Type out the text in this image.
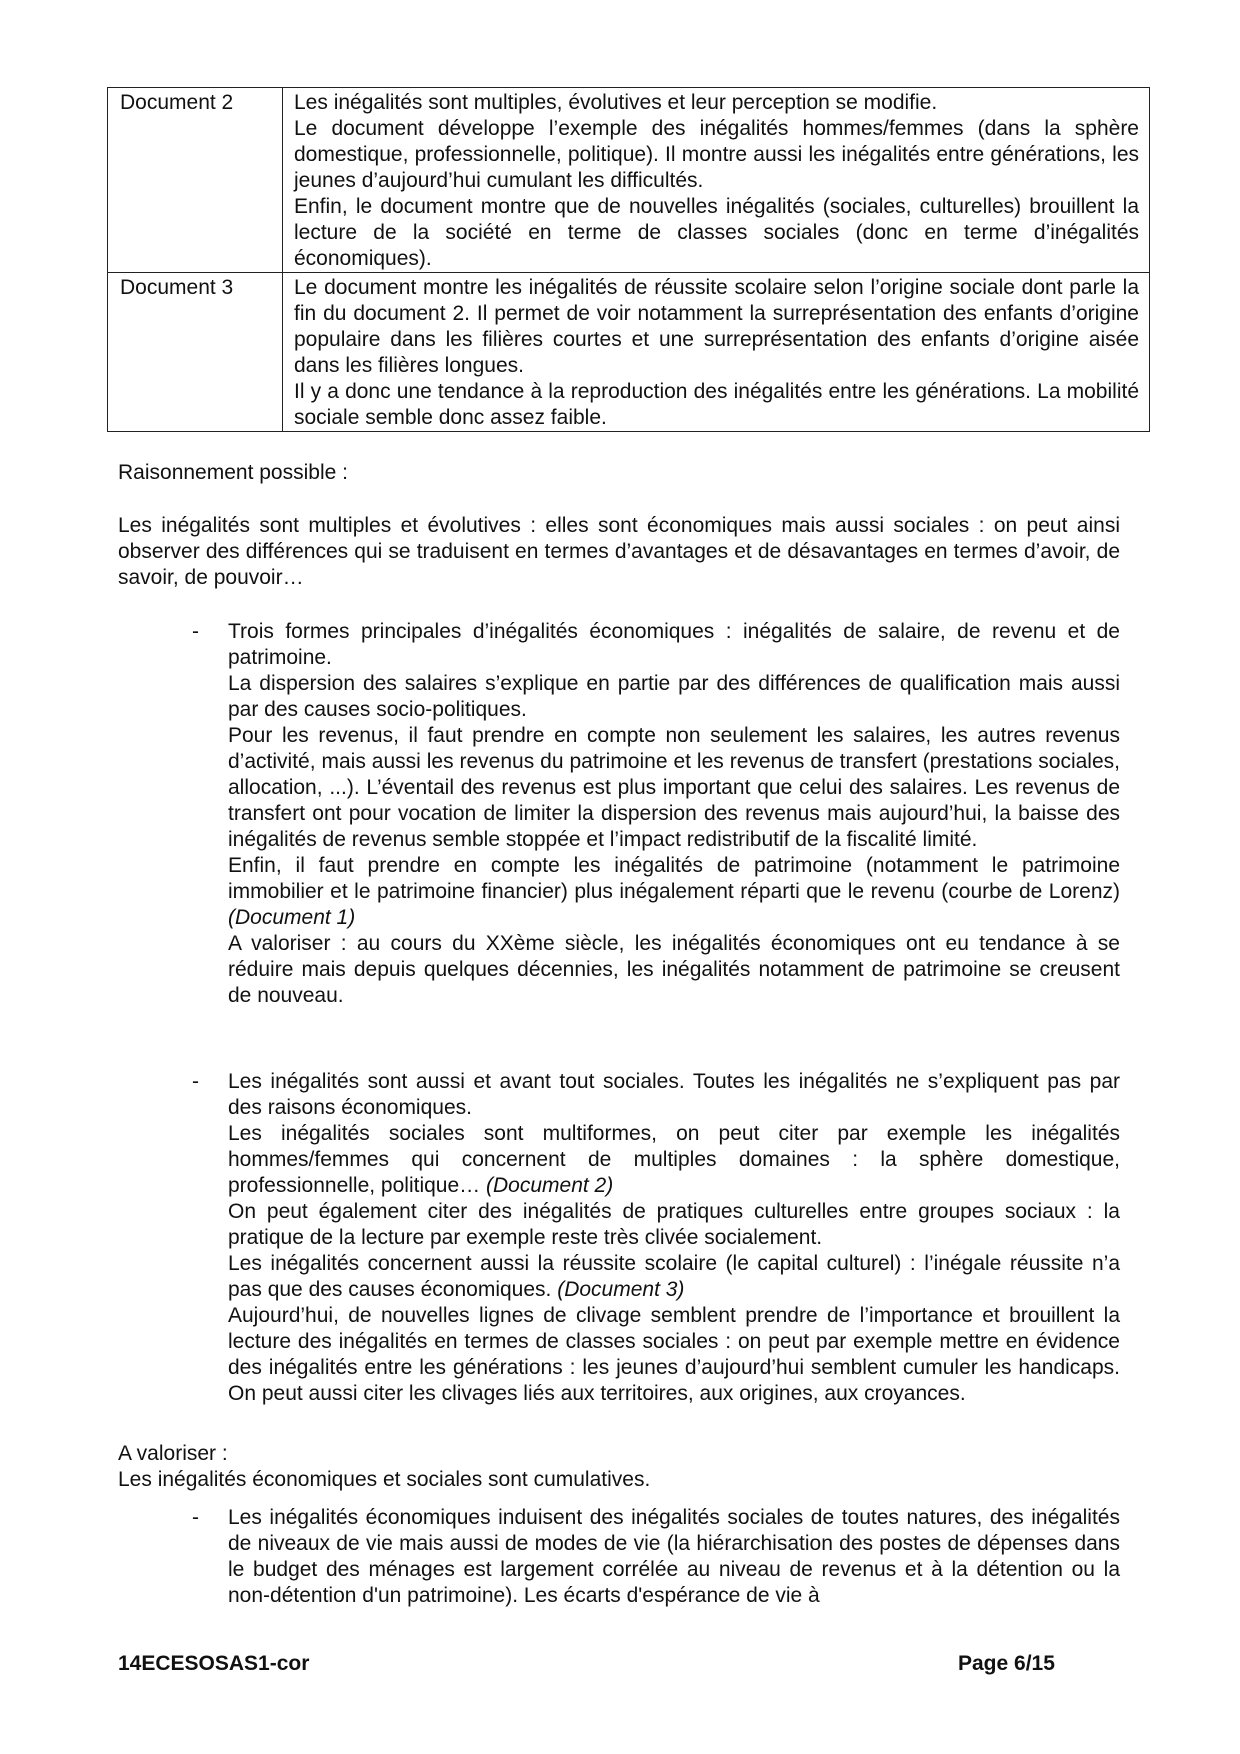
Document 2	Les inégalités sont multiples, évolutives et leur perception se modifie.

Le document développe l’exemple des inégalités hommes/femmes (dans la sphère domestique, professionnelle, politique). Il montre aussi les inégalités entre générations, les jeunes d’aujourd’hui cumulant les difficultés.

Enfin, le document montre que de nouvelles inégalités (sociales, culturelles) brouillent la lecture de la société en terme de classes sociales (donc en terme d’inégalités économiques).

Document 3	Le document montre les inégalités de réussite scolaire selon l’origine sociale dont parle la fin du document 2. Il permet de voir notamment la surreprésentation des enfants d’origine populaire dans les filières courtes et une surreprésentation des enfants d’origine aisée dans les filières longues.

Il y a donc une tendance à la reproduction des inégalités entre les générations. La mobilité sociale semble donc assez faible.

Raisonnement possible :

Les inégalités sont multiples et évolutives : elles sont économiques mais aussi sociales : on peut ainsi observer des différences qui se traduisent en termes d’avantages et de désavantages en termes d’avoir, de savoir, de pouvoir…

- Trois formes principales d’inégalités économiques : inégalités de salaire, de revenu et de patrimoine.

La dispersion des salaires s’explique en partie par des différences de qualification mais aussi par des causes socio-politiques.

Pour les revenus, il faut prendre en compte non seulement les salaires, les autres revenus d’activité, mais aussi les revenus du patrimoine et les revenus de transfert (prestations sociales, allocation, ...). L’éventail des revenus est plus important que celui des salaires. Les revenus de transfert ont pour vocation de limiter la dispersion des revenus mais aujourd’hui, la baisse des inégalités de revenus semble stoppée et l’impact redistributif de la fiscalité limité.

Enfin, il faut prendre en compte les inégalités de patrimoine (notamment le patrimoine immobilier et le patrimoine financier) plus inégalement réparti que le revenu (courbe de Lorenz) (Document 1)

A valoriser : au cours du XXème siècle, les inégalités économiques ont eu tendance à se réduire mais depuis quelques décennies, les inégalités notamment de patrimoine se creusent de nouveau.

- Les inégalités sont aussi et avant tout sociales. Toutes les inégalités ne s’expliquent pas par des raisons économiques.

Les inégalités sociales sont multiformes, on peut citer par exemple les inégalités hommes/femmes qui concernent de multiples domaines : la sphère domestique, professionnelle, politique… (Document 2)

On peut également citer des inégalités de pratiques culturelles entre groupes sociaux : la pratique de la lecture par exemple reste très clivée socialement.

Les inégalités concernent aussi la réussite scolaire (le capital culturel) : l’inégale réussite n’a pas que des causes économiques. (Document 3)

Aujourd’hui, de nouvelles lignes de clivage semblent prendre de l’importance et brouillent la lecture des inégalités en termes de classes sociales : on peut par exemple mettre en évidence des inégalités entre les générations : les jeunes d’aujourd’hui semblent cumuler les handicaps. On peut aussi citer les clivages liés aux territoires, aux origines, aux croyances.

A valoriser :

Les inégalités économiques et sociales sont cumulatives.

- Les inégalités économiques induisent des inégalités sociales de toutes natures, des inégalités de niveaux de vie mais aussi de modes de vie (la hiérarchisation des postes de dépenses dans le budget des ménages est largement corrélée au niveau de revenus et à la détention ou la non-détention d'un patrimoine). Les écarts d'espérance de vie à

14ECESOSAS1-cor	Page 6/15
